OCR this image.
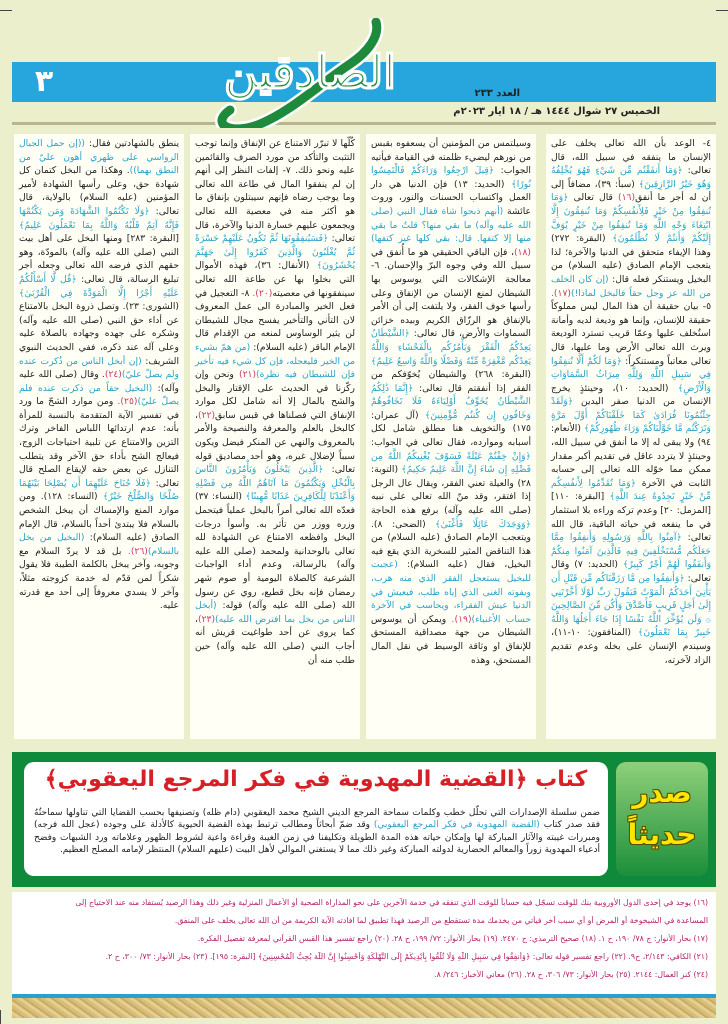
٣	الصادقين	العدد ٢٣٣
الخميس ٢٧ شوال ١٤٤٤ هـ / ١٨ ايار ٢٠٢٣م

٤- الوعد بأن الله تعالى يخلف على الإنسان ما ينفقه في سبيل الله، قال تعالى: ﴿وَمَا أَنفَقْتُم مِّن شَيْءٍ فَهُوَ يُخْلِفُهُ وَهُوَ خَيْرُ الرَّازِقِينَ﴾ (سبأ: ٣٩)، مضافاً إلى أن له أجر ما أنفق(١٦) قال تعالى ﴿وَمَا تُنفِقُوا مِنْ خَيْرٍ فَلِأَنفُسِكُمْ وَمَا تُنفِقُونَ إِلَّا ابْتِغَاءَ وَجْهِ اللَّهِ وَمَا تُنفِقُوا مِنْ خَيْرٍ يُوَفَّ إِلَيْكُمْ وَأَنتُمْ لَا تُظْلَمُونَ﴾ (البقرة: ٢٧٢) وهذا الإيفاء متحقق في الدنيا والآخرة؛ لذا يتعجب الإمام الصادق (عليه السلام) من البخيل ويستنكر فعله قال: (إن كان الخلف من الله عز وجل حقاً فالبخل لماذا!)(١٧). ٥- بيان حقيقة أن هذا المال ليس مملوكاً حقيقة للإنسان، وإنما هو وديعة لديه وأمانة استُخلف عليها وعمّا قريب تسترد الوديعة ويرث الله تعالى الأرض وما عليها، قال تعالى معاتباً ومستنكراً: ﴿وَمَا لَكُمْ أَلَّا تُنفِقُوا فِي سَبِيلِ اللَّهِ وَلِلَّهِ مِيرَاثُ السَّمَاوَاتِ وَالْأَرْضِ﴾ (الحديد: ١٠)، وحينئذٍ يخرج الإنسان من الدنيا صفر اليدين ﴿وَلَقَدْ جِئْتُمُونَا فُرَادَىٰ كَمَا خَلَقْنَاكُمْ أَوَّلَ مَرَّةٍ وَتَرَكْتُم مَّا خَوَّلْنَاكُمْ وَرَاءَ ظُهُورِكُمْ﴾ (الأنعام: ٩٤) ولا يبقى له إلا ما أنفق في سبيل الله، وحينئذٍ لا يتردد عاقل في تقديم أكبر مقدار ممكن مما خوّله الله تعالى إلى حسابه الثابت في الآخرة ﴿وَمَا تُقَدِّمُوا لِأَنفُسِكُم مِّنْ خَيْرٍ تَجِدُوهُ عِندَ اللَّهِ﴾ [البقرة: ١١٠] [المزمل: ٢٠] وعدم تركه وراءه بلا استثمار في ما ينفعه في حياته الباقية، قال الله تعالى: ﴿آمِنُوا بِاللَّهِ وَرَسُولِهِ وَأَنفِقُوا مِمَّا جَعَلَكُم مُّسْتَخْلَفِينَ فِيهِ فَالَّذِينَ آمَنُوا مِنكُمْ وَأَنفَقُوا لَهُمْ أَجْرٌ كَبِيرٌ﴾ (الحديد: ٧) وقال تعالى: ﴿وَأَنفِقُوا مِن مَّا رَزَقْنَاكُم مِّن قَبْلِ أَن يَأْتِيَ أَحَدَكُمُ الْمَوْتُ فَيَقُولَ رَبِّ لَوْلَا أَخَّرْتَنِي إِلَىٰ أَجَلٍ قَرِيبٍ فَأَصَّدَّقَ وَأَكُن مِّنَ الصَّالِحِينَ ۞ وَلَن يُؤَخِّرَ اللَّهُ نَفْسًا إِذَا جَاءَ أَجَلُهَا وَاللَّهُ خَبِيرٌ بِمَا تَعْمَلُونَ﴾ (المنافقون: ١٠-١١)، وسيندم الإنسان على بخله وعدم تقديم الزاد لآخرته،

وسيلتمس من المؤمنين أن يسعفوه بقبس من نورهم ليضيء ظلمته في القيامة فيأتيه الجواب: ﴿قِيلَ ارْجِعُوا وَرَاءَكُمْ فَالْتَمِسُوا نُورًا﴾ (الحديد: ١٣) فإن الدنيا هي دار العمل واكتساب الحسنات والنور، وروت عائشة (أنهم ذبحوا شاة فقال النبي (صلى الله عليه وآله) ما بقي منها؟ قلتُ ما بقي منها إلا كتفها. قال: بقي كلها غير كتفها)(١٨)، فإن الباقي الحقيقي هو ما أُنفق في سبيل الله وفي وجوه البرّ والإحسان. ٦- معالجة الإشكالات التي يوسوس بها الشيطان لمنع الإنسان من الإنفاق وعلى رأسها خوف الفقر، ولا يلتفت إلى أن الأمر بالإنفاق هو الرزّاق الكريم وبيده خزائن السماوات والأرض، قال تعالى: ﴿الشَّيْطَانُ يَعِدُكُمُ الْفَقْرَ وَيَأْمُرُكُم بِالْفَحْشَاءِ وَاللَّهُ يَعِدُكُم مَّغْفِرَةً مِّنْهُ وَفَضْلًا وَاللَّهُ وَاسِعٌ عَلِيمٌ﴾ (البقرة: ٢٦٨) والشيطان يُخوّفكم من الفقر إذا أنفقتم قال تعالى: ﴿إِنَّمَا ذَٰلِكُمُ الشَّيْطَانُ يُخَوِّفُ أَوْلِيَاءَهُ فَلَا تَخَافُوهُمْ وَخَافُونِ إِن كُنتُم مُّؤْمِنِينَ﴾ (آل عمران: ١٧٥) والتخويف هنا مطلق شامل لكل أسبابه وموارده، فقال تعالى في الجواب: ﴿وَإِنْ خِفْتُمْ عَيْلَةً فَسَوْفَ يُغْنِيكُمُ اللَّهُ مِن فَضْلِهِ إِن شَاءَ إِنَّ اللَّهَ عَلِيمٌ حَكِيمٌ﴾ (التوبة: ٢٨) والعيلة تعني الفقر، ويقال عال الرجل إذا افتقر، وقد منّ الله تعالى على نبيه (صلى الله عليه وآله) برفع هذه الحاجة ﴿وَوَجَدَكَ عَائِلًا فَأَغْنَىٰ﴾ (الضحى: ٨). ويتعجب الإمام الصادق (عليه السلام) من هذا التناقض المثير للسخرية الذي يقع فيه البخيل، فقال (عليه السلام): (عجبت للبخيل يستعجل الفقر الذي منه هرب، ويفوته الغنى الذي إياه طلب، فيعيش في الدنيا عيش الفقراء، ويحاسب في الآخرة حساب الأغنياء)(١٩). ويمكن أن يوسوس الشيطان من جهة مصداقية المستحق للإنفاق او وثاقة الوسيط في نقل المال المستحق، وهذه

كُلّها لا تبرّر الامتناع عن الإنفاق وإنما توجب التثبت والتأكد من مورد الصرف والقائمين عليه ونحو ذلك. ٧- إلفات النظر إلى أنهم إن لم ينفقوا المال في طاعة الله تعالى وما يوجب رضاه فإنهم سيبتلون بإنفاق ما هو أكثر منه في معصية الله تعالى ويجمعون عليهم خسارة الدنيا والآخرة، قال تعالى: ﴿فَسَيُنفِقُونَهَا ثُمَّ تَكُونُ عَلَيْهِمْ حَسْرَةً ثُمَّ يُغْلَبُونَ وَالَّذِينَ كَفَرُوا إِلَىٰ جَهَنَّمَ يُحْشَرُونَ﴾ (الأنفال: ٣٦)، فهذه الأموال التي بخلوا بها عن طاعة الله تعالى سينفقونها في معصيته(٢٠). ٨- التعجيل في فعل الخير والمبادرة الى عمل المعروف لان التأني والتأخير يفسح مجال للشيطان لن يثير الوساوس لمنعه من الإقدام قال الإمام الباقر (عليه السلام): (من همّ بشيء من الخير فليعجله، فإن كل شيء فيه تأخير فإن للشيطان فيه نظرة)(٢١) ونحن وإن ركّزنا في الحديث على الإقتار والبخل والشح بالمال إلا أنه شامل لكل موارد الإنفاق التي فصلناها في قبس سابق(٢٢)، كالبخل بالعلم والمعرفة والنصيحة والأمر بالمعروف والنهي عن المنكر فيضل ويكون سبباً لإضلال غيره، وهو أحد مصاديق قوله تعالى: ﴿الَّذِينَ يَبْخَلُونَ وَيَأْمُرُونَ النَّاسَ بِالْبُخْلِ وَيَكْتُمُونَ مَا آتَاهُمُ اللَّهُ مِن فَضْلِهِ وَأَعْتَدْنَا لِلْكَافِرِينَ عَذَابًا مُّهِينًا﴾ (النساء: ٣٧) فعدّه الله تعالى أمراً بالبخل عملياً فيتحمل وزره ووزر من تأثر به. وأسوأ درجات البخل وافظعه الامتناع عن الشهادة لله تعالى بالوحدانية ولمحمد (صلى الله عليه وآله) بالرسالة، وعدم أداء الواجبات الشرعية كالصلاة اليومية أو صوم شهر رمضان فإنه بخل قطيع، روي عن رسول الله (صلى الله عليه وآله) قوله: (أبخل الناس من بخل بما افترض الله عليه)(٢٣)، كما يروى عن أحد طواغيت قريش أنه أجاب النبي (صلى الله عليه وآله) حين طلب منه أن

ينطق بالشهادتين فقال: ((إن حمل الجبال الرواسي على ظهري أهون عليّ من النطق بهما)). وهكذا من البخل كتمان كل شهادة حق، وعلى رأسها الشهادة لأمير المؤمنين (عليه السلام) بالولاية، قال تعالى: ﴿وَلَا تَكْتُمُوا الشَّهَادَةَ وَمَن يَكْتُمْهَا فَإِنَّهُ آثِمٌ قَلْبُهُ وَاللَّهُ بِمَا تَعْمَلُونَ عَلِيمٌ﴾ [البقرة: ٢٨٣] ومنها البخل على أهل بيت النبي (صلى الله عليه وآله) بالمودّة، وهو حقهم الذي فرضه الله تعالى وجعله أجر تبليغ الرسالة، قال تعالى: ﴿قُل لَّا أَسْأَلُكُمْ عَلَيْهِ أَجْرًا إِلَّا الْمَوَدَّةَ فِي الْقُرْبَىٰ﴾ (الشورى: ٢٣). وتصل ذروة البخل بالامتناع عن أداء حق النبي (صلى الله عليه وآله) وشكره على جهده وجهاده بالصلاة عليه وعلى آله عند ذكره، ففي الحديث النبوي الشريف: (إن أبخل الناس من ذُكرت عنده ولم يصلّ عليّ)(٢٤). وقال (صلى الله عليه وآله): (البخيل حقاً من ذكرت عنده فلم يصلّ عليّ)(٢٥). ومن موارد الشحّ ما ورد في تفسير الآية المتقدمة بالنسبة للمرأة بأنه: عدم ارتدائها اللباس الفاخر وترك التزين والامتناع عن تلبية احتياجات الزوج، فيعالج الشح بأداء حق الآخر وقد يتطلب التنازل عن بعض حقه لإيقاع الصلح قال تعالى: ﴿فَلَا جُنَاحَ عَلَيْهِمَا أَن يُصْلِحَا بَيْنَهُمَا صُلْحًا وَالصُّلْحُ خَيْرٌ﴾ (النساء: ١٢٨). ومن موارد المنع والإمساك أن يبخل الشخص بالسلام فلا يبتدئ أحداً بالسلام، قال الإمام الصادق (عليه السلام): (البخيل من بخل بالسلام)(٢٦). بل قد لا يردّ السلام مع وجوبه، وآخر يبخل بالكلمة الطيبة فلا يقول شكراً لمن قدّم له خدمة كزوجته مثلاً، وآخر لا يسدي معروفاً إلى أحد مع قدرته عليه.

كتاب ﴿القضية المهدوية في فكر المرجع اليعقوبي﴾

ضمن سلسلة الإصدارات التي تحلّل خطب وكلمات سماحة المرجع الديني الشيخ محمد اليعقوبي (دام ظله) وتصنيفها بحسب القضايا التي تناولها سماحتُهُ فقد صدر كتاب (القضية المهدوية في فكر المرجع اليعقوبي) وقد ضمّ أبحاثاً ومطالب ترتبط بهذه القضية الحيوية كالأدلة على وجوده (عجل الله فرجه) ومبررات غيبته والآثار المباركة لها وإمكان حياته هذه المدة الطويلة وتكليفنا في زمن الغيبة وقراءة واعية لشروط الظهور وعلاماته ورد الشبهات وفضح أدعياء المهدوية زوراً والمعالم الحضارية لدولته المباركة وغير ذلك مما لا يستغني الموالي لأهل البيت (عليهم السلام) المنتظر لإمامه المصلح العظيم.

صدر
حديثاً
(١٦) يوجد في إحدى الدول الأوروبية بنك للوقت تسجّل فيه حساباً للوقت الذي تنفقه في خدمة الآخرين على نحو المداراة الصحية أو الأعمال المنزلية وغير ذلك وهذا الرصيد يُستفاد منه عند الاحتياج إلى
المساعدة في الشيخوخة أو المرض أو أي سبب آخر فيأتي من يخدمك مدة تستقطع من الرصيد فهذا تطبيق لما افادته الآية الكريمة من أن الله تعالى يخلف على المنفق.
(١٧) بحار الأنوار: ج ٧٨/ ١٩٠، ح ١. (١٨) صحيح الترمذي: ح ٢٤٧٠. (١٩) بحار الأنوار: ٧٢/ ١٩٩، ح ٢٨. (٢٠) راجع تفسير هذا القبس القرآني لمعرفة تفصيل الفكرة.
(٢١) الكافي: ٢/١٤٣، ح٩. (٢٢) راجع تفسير قوله تعالى: ﴿وَأَنفِقُوا فِي سَبِيلِ اللَّهِ وَلَا تُلْقُوا بِأَيْدِيكُمْ إِلَى التَّهْلُكَةِ وَأَحْسِنُوا إِنَّ اللَّهَ يُحِبُّ الْمُحْسِنِينَ﴾ [البقرة: ١٩٥]. (٢٣) بحار الأنوار: ٧٣/ ٣٠٠، ح ٢.
(٢٤) كنز العمال: ٢١٤٤. (٢٥) بحار الأنوار: ٧٣/ ٣٠٦، ح ٢٨. (٢٦) معاني الأخبار: ٢٤٦/ ٨.
